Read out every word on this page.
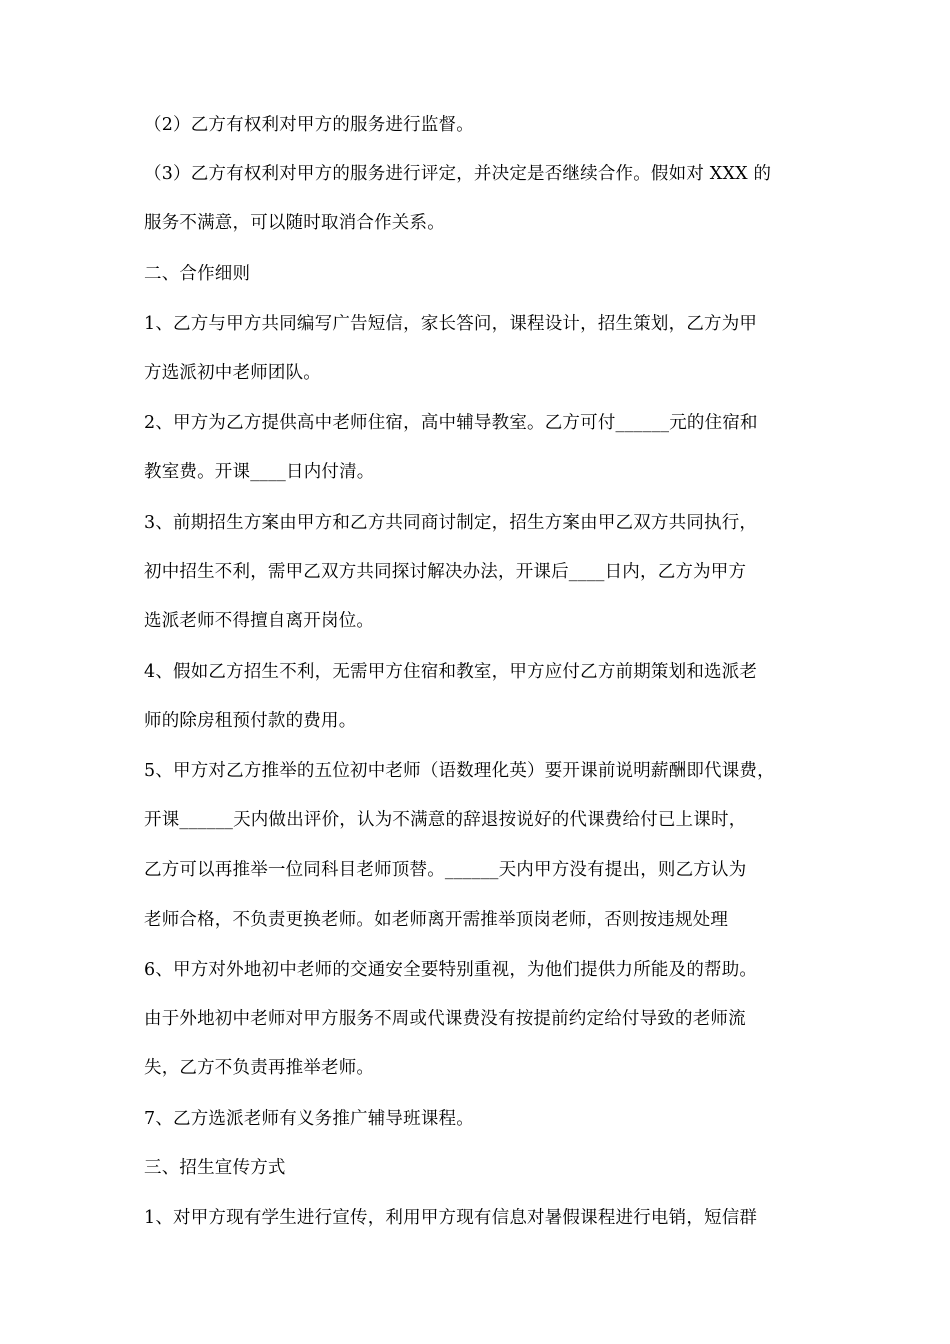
（2）乙方有权利对甲方的服务进行监督。
（3）乙方有权利对甲方的服务进行评定，并决定是否继续合作。假如对 XXX 的
服务不满意，可以随时取消合作关系。
二、合作细则
1、乙方与甲方共同编写广告短信，家长答问，课程设计，招生策划，乙方为甲
方选派初中老师团队。
2、甲方为乙方提供高中老师住宿，高中辅导教室。乙方可付______元的住宿和
教室费。开课____日内付清。
3、前期招生方案由甲方和乙方共同商讨制定，招生方案由甲乙双方共同执行，
初中招生不利，需甲乙双方共同探讨解决办法，开课后____日内，乙方为甲方
选派老师不得擅自离开岗位。
4、假如乙方招生不利，无需甲方住宿和教室，甲方应付乙方前期策划和选派老
师的除房租预付款的费用。
5、甲方对乙方推举的五位初中老师（语数理化英）要开课前说明薪酬即代课费，
开课______天内做出评价，认为不满意的辞退按说好的代课费给付已上课时，
乙方可以再推举一位同科目老师顶替。______天内甲方没有提出，则乙方认为
老师合格，不负责更换老师。如老师离开需推举顶岗老师，否则按违规处理
6、甲方对外地初中老师的交通安全要特别重视，为他们提供力所能及的帮助。
由于外地初中老师对甲方服务不周或代课费没有按提前约定给付导致的老师流
失，乙方不负责再推举老师。
7、乙方选派老师有义务推广辅导班课程。
三、招生宣传方式
1、对甲方现有学生进行宣传，利用甲方现有信息对暑假课程进行电销，短信群
